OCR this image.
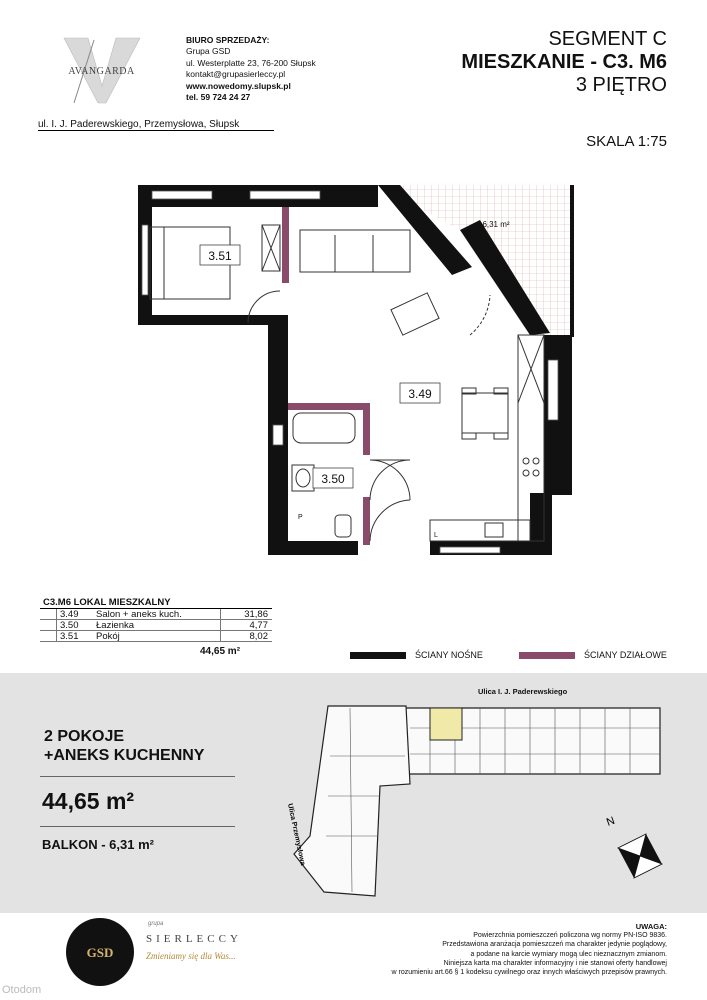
AVANGARDA
BIURO SPRZEDAŻY:
Grupa GSD
ul. Westerplatte 23, 76-200 Słupsk
kontakt@grupasierleccy.pl
www.nowedomy.slupsk.pl
tel. 59 724 24 27
SEGMENT C
MIESZKANIE - C3. M6
3 PIĘTRO
ul. I. J. Paderewskiego, Przemysłowa, Słupsk
SKALA 1:75
3.51
3.49
3.50
6,31 m²
L
P
C3.M6 LOKAL MIESZKALNY
3.49	Salon + aneks kuch.	31,86
3.50	Łazienka	4,77
3.51	Pokój	8,02
44,65 m²	ŚCIANY NOŚNE	ŚCIANY DZIAŁOWE
2 POKOJE
+ANEKS KUCHENNY
44,65 m²
BALKON - 6,31 m²
Ulica I. J. Paderewskiego
Ulica Przemysłowa	N
GSD
grupa
SIERLECCY
Zmieniamy się dla Was...
UWAGA:
Powierzchnia pomieszczeń policzona wg normy PN-ISO 9836.
Przedstawiona aranżacja pomieszczeń ma charakter jedynie poglądowy,
a podane na karcie wymiary mogą ulec nieznacznym zmianom.
Niniejsza karta ma charakter informacyjny i nie stanowi oferty handlowej
w rozumieniu art.66 § 1 kodeksu cywilnego oraz innych właściwych przepisów prawnych.
Otodom
